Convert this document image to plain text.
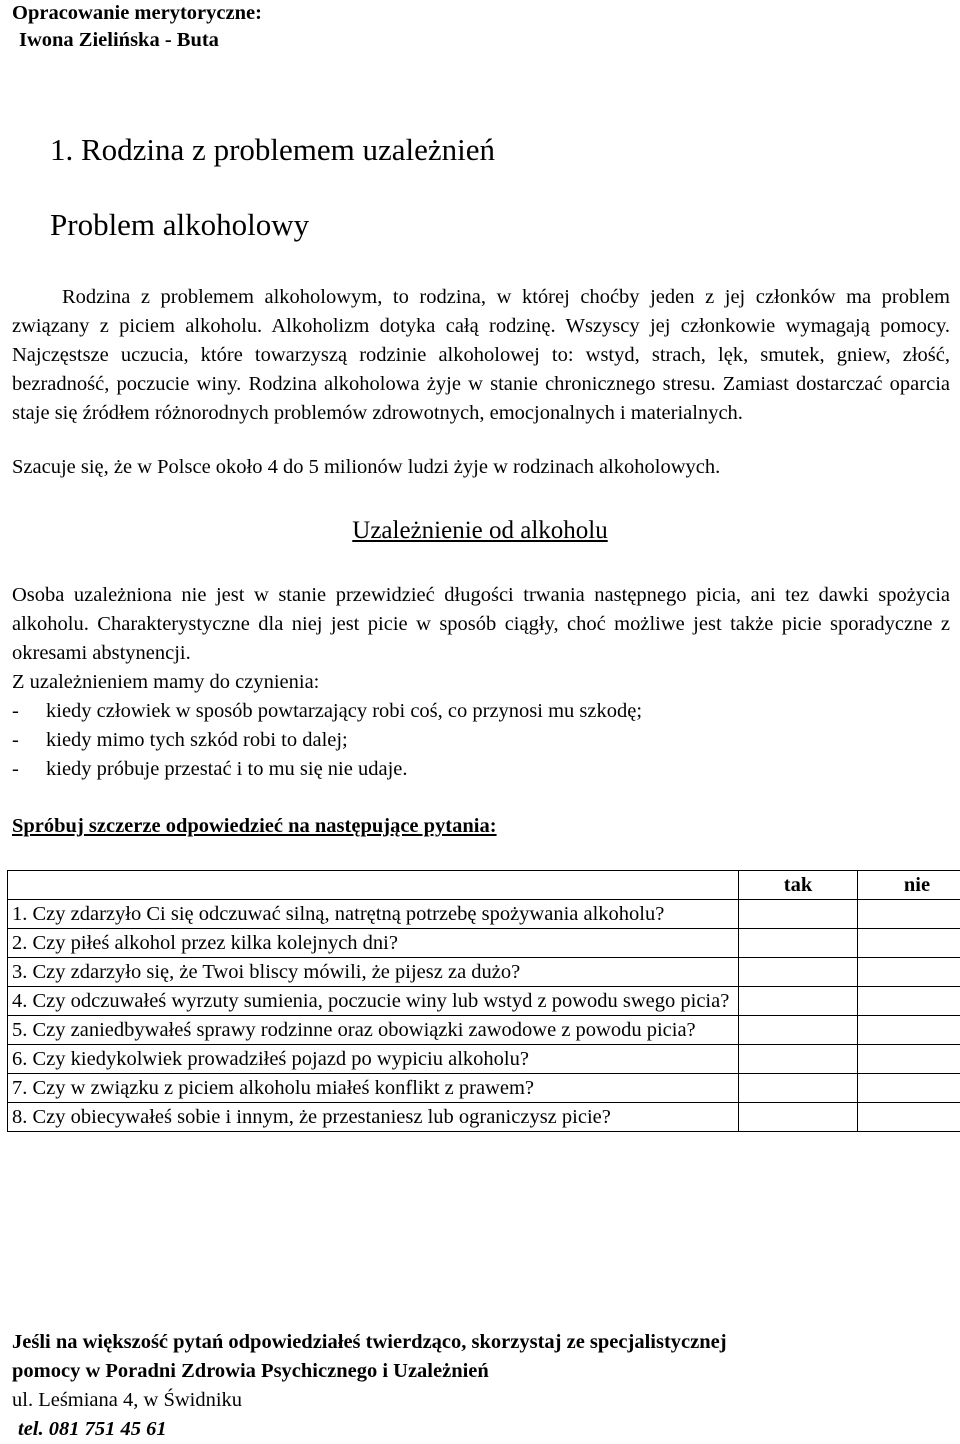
Opracowanie merytoryczne:
Iwona Zielińska - Buta
1. Rodzina z problemem uzależnień
Problem alkoholowy
Rodzina z problemem alkoholowym, to rodzina, w której choćby jeden z jej członków ma problem związany z piciem alkoholu. Alkoholizm dotyka całą rodzinę. Wszyscy jej członkowie wymagają pomocy. Najczęstsze uczucia, które towarzyszą rodzinie alkoholowej to: wstyd, strach, lęk, smutek, gniew, złość, bezradność, poczucie winy. Rodzina alkoholowa żyje w stanie chronicznego stresu. Zamiast dostarczać oparcia staje się źródłem różnorodnych problemów zdrowotnych, emocjonalnych i materialnych.
Szacuje się, że w Polsce około 4 do 5 milionów ludzi żyje w rodzinach alkoholowych.
Uzależnienie od alkoholu
Osoba uzależniona nie jest w stanie przewidzieć długości trwania następnego picia, ani tez dawki spożycia alkoholu. Charakterystyczne dla niej jest picie w sposób ciągły, choć możliwe jest także picie sporadyczne z okresami abstynencji.
Z uzależnieniem mamy do czynienia:
- kiedy człowiek w sposób powtarzający robi coś, co przynosi mu szkodę;
- kiedy mimo tych szkód robi to dalej;
- kiedy próbuje przestać i to mu się nie udaje.
Spróbuj szczerze odpowiedzieć na następujące pytania:
	tak	nie
1. Czy zdarzyło Ci się odczuwać silną, natrętną potrzebę spożywania alkoholu?		
2. Czy piłeś alkohol przez kilka kolejnych dni?		
3. Czy zdarzyło się, że Twoi bliscy mówili, że pijesz za dużo?		
4. Czy odczuwałeś wyrzuty sumienia, poczucie winy lub wstyd z powodu swego picia?		
5. Czy zaniedbywałeś sprawy rodzinne oraz obowiązki zawodowe z powodu picia?		
6. Czy kiedykolwiek prowadziłeś pojazd po wypiciu alkoholu?		
7. Czy w związku z piciem alkoholu miałeś konflikt z prawem?		
8. Czy obiecywałeś sobie i innym, że przestaniesz lub ograniczysz picie?		
Jeśli na większość pytań odpowiedziałeś twierdząco, skorzystaj ze specjalistycznej
pomocy w Poradni Zdrowia Psychicznego i Uzależnień
ul. Leśmiana 4, w Świdniku
tel. 081 751 45 61
